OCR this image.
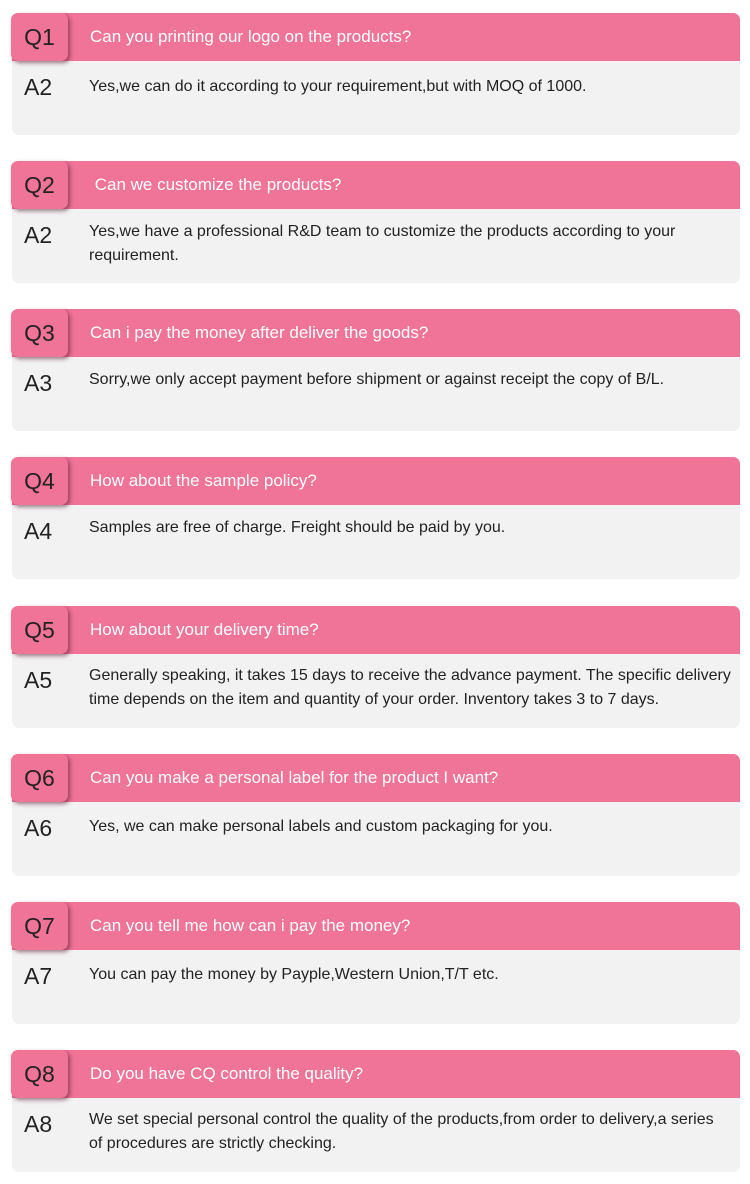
Q1	Can you printing our logo on the products?
A2 Yes,we can do it according to your requirement,but with MOQ of 1000.
Q2	Can we customize the products?
A2 Yes,we have a professional R&D team to customize the products according to your requirement.
Q3	Can i pay the money after deliver the goods?
A3 Sorry,we only accept payment before shipment or against receipt the copy of B/L.
Q4	How about the sample policy?
A4 Samples are free of charge. Freight should be paid by you.
Q5	How about your delivery time?
A5 Generally speaking, it takes 15 days to receive the advance payment. The specific delivery time depends on the item and quantity of your order. Inventory takes 3 to 7 days.
Q6	Can you make a personal label for the product I want?
A6 Yes, we can make personal labels and custom packaging for you.
Q7	Can you tell me how can i pay the money?
A7 You can pay the money by Payple,Western Union,T/T etc.
Q8	Do you have CQ control the quality?
A8 We set special personal control the quality of the products,from order to delivery,a series of procedures are strictly checking.
